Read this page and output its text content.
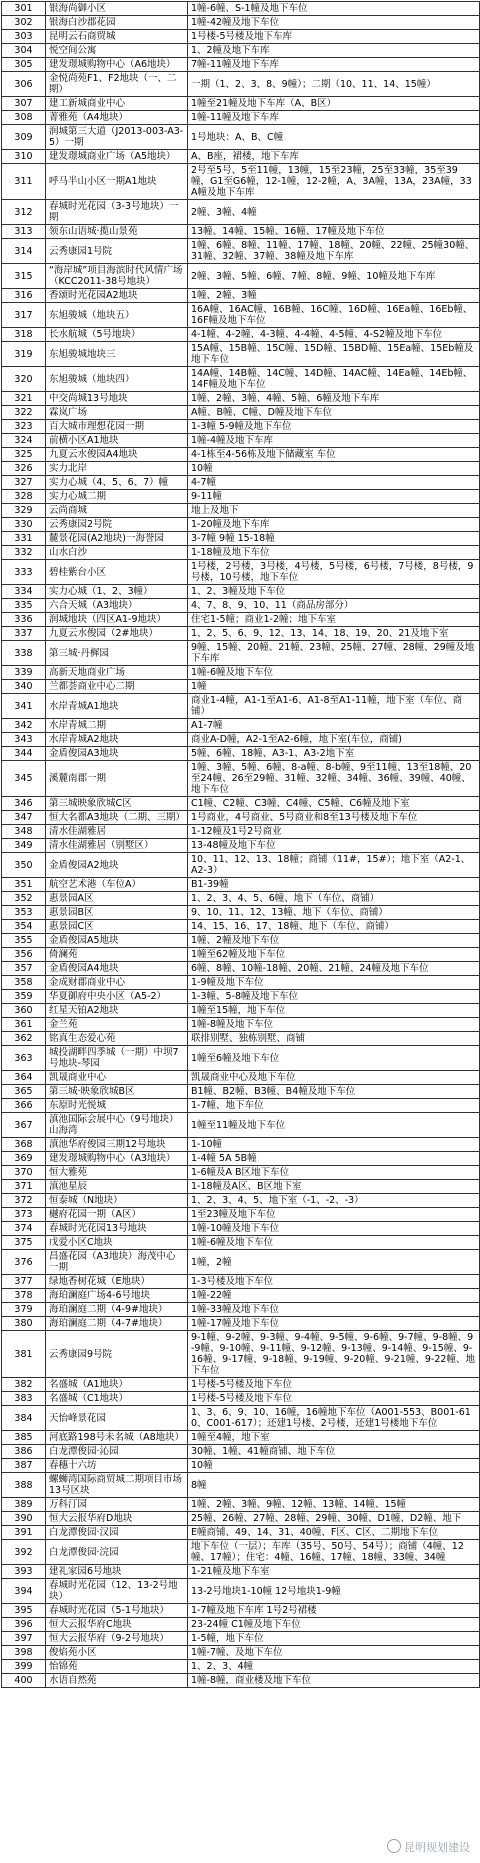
301	银海尚御小区	1幢-6幢、S-1幢及地下车位
302	银海白沙郡花园	1幢-42幢及地下车位
303	昆明云石商贸城	1号楼-5号楼及地下车库
304	悦空间公寓	1、2幢及地下车库
305	建发璟城购物中心（A6地块）	7幢-11幢及地下车库
306	金悦尚苑F1、F2地块（一、二期）	一期（1、2、3、8、9幢）；二期（10、11、14、15幢）
307	建工新城商业中心	1幢至21幢及地下车库（A、B区）
308	菁雅苑（A4地块）	1幢-11幢及地下车库
309	润城第三大道（J2013-003-A3-5）一期	1号地块：A、B、C幢
310	建发璟城商业广场（A5地块）	A、B座，裙楼，地下车库
311	呼马半山小区一期A1地块	2号至5号、5至11幢，13幢，15至23幢，25至33幢，35至39幢，G1至G6幢，12-1幢，12-2幢，A、3A幢，13A，23A幢，33A幢及地下车库
312	春城时光花园（3-3号地块）一期	2幢、3幢、4幢
313	领东山语城·揽山景苑	13幢、14幢、15幢、16幢、17幢及地下车位
314	云秀康园1号院	1幢、6幢、8幢、11幢、17幢、18幢、20幢、22幢、25幢30幢、31幢、32幢、37幢、38幢及地下车库
315	“海岸城”项目海滨时代风情广场（KCC2011-38号地块）	2幢、3幢、5幢、6幢、7幢、8幢、9幢、10幢及地下车库
316	香颂时光花园A2地块	1幢、2幢、3幢
317	东旭骏城（地块五）	16A幢、16AC幢、16B幢、16C幢、16D幢、16Ea幢、16Eb幢、16F幢及地下车位
318	长水航城（5号地块）	4-1幢、4-2幢、4-3幢、4-4幢、4-5幢、4-S2幢及地下车位
319	东旭骏城地块三	15A幢、15B幢、15C幢、15D幢、15BD幢、15Ea幢、15Eb幢及地下车位
320	东旭骏城（地块四）	14A幢、14B幢、14C幢、14D幢、14AC幢、14Ea幢、14Eb幢、14F幢及地下车位
321	中交尚城13号地块	1幢、2幢、3幢、4幢、5幢、6幢及地下车库
322	霖岚广场	A幢、B幢、C幢、D幢及地下车位
323	百大城市理想花园一期	1-3幢 5-9幢及地下车位
324	前横小区A1地块	1幢-4幢及地下车库
325	九夏云水俊园A4地块	4-1栋至4-56栋及地下储藏室 车位
326	实力北岸	10幢
327	实力心城（4、5、6、7）幢	4-7幢
328	实力心城二期	9-11幢
329	云尚商城	地上及地下
330	云秀康园2号院	1-20幢及地下车库
331	麓景花园(A2地块)一海誉园	3-7幢 9幢 15-18幢
332	山水白沙	1-18幢及地下车位
333	碧桂紫台小区	1号楼，2号楼，3号楼，4号楼，5号楼，6号楼，7号楼，8号楼，9号楼，10号楼，地下车位
334	实力心城（1、2、3幢）	1、2、3幢及地下车位
335	六合天城（A3地块）	4、7、8、9、10、11（商品房部分）
336	润城地块（四区A1-9地块）	住宅1-5幢；商业1-2幢；地下车室
337	九夏云水俊园（2#地块）	1、2、5、6、9、12、13、14、18、19、20、21及地下室
338	第三城·丹樨园	9幢、15幢、20幢、21幢、23幢、25幢、27幢、28幢、29幢及地下车库
339	高新天地商业广场	1幢-6幢及地下车位
340	兰都荟商业中心二期	1幢
341	水岸青城A1地块	商业1-4幢，A1-1至A1-6、A1-8至A1-11幢，地下室（车位、商铺）
342	水岸青城二期	A1-7幢
343	水岸青城A2地块	商业A-D幢，A2-1至A2-6幢，地下室(车位，商铺)
344	金盾俊园A3地块	5幢、6幢、18幢、A3-1、A3-2地下室
345	溪麓南郡一期	1幢、3幢、5幢、6幢、8-a幢、8-b幢、9至11幢、13至18幢、20至24幢、26至29幢、31幢、32幢、34幢、36幢、39幢、40幢、地下车位
346	第三城映象欣城C区	C1幢、C2幢、C3幢、C4幢、C5幢、C6幢及地下室
347	恒大名都A3地块（二期、三期）	1号商业，4号商业、5号商业和8至13号楼及地下车位
348	清水佳湖雅居	1-12幢及1号2号商业
349	清水佳湖雅居（别墅区）	13-48幢及地下车位
350	金盾俊园A2地块	10、11、12、13、18幢；商铺（11#，15#）；地下室（A2-1、A2-3）
351	航空艺术港（车位A）	B1-39幢
352	惠景园A区	1、2、3、4、5、6幢、地下（车位、商铺）
353	惠景园B区	9、10、11、12、13幢、地下（车位、商铺）
354	惠景园C区	14、15、16、17、18幢、地下（车位、商铺）
355	金盾俊园A5地块	1幢、2幢及地下车位
356	倚澜苑	1幢至62幢及地下车位
357	金盾俊园A4地块	6幢、8幢、10幢-18幢、20幢、21幢、24幢及地下车位
358	金成财郡商业中心	1-9幢及地下车位
359	华夏御府中央小区（A5-2）	1-3幢、5-8幢及地下车位
360	红星天铂A2地块	1幢至15幢，地下车位
361	金兰苑	1幢-8幢及地下车位
362	铭真生态爱心苑	联排别墅、独栋别墅、商铺
363	城投湖畔四季城（一期）中坝7号地块-琴园	1幢至6幢及地下车位
364	凯晟商业中心	凯晟商业中心及地下车位
365	第三城·映象欣城B区	B1幢、B2幢、B3幢、B4幢及地下车位
366	东原时光悦城	1-7幢、地下车位
367	滇池国际会展中心（9号地块）山海湾	1幢至11幢及地下车位
368	滇池华府俊园三期12号地块	1-10幢
369	建发璟城购物中心（A3地块）	1-4幢 5A 5B幢
370	恒大雅苑	1-6幢及A B区地下车位
371	滇池星辰	1-18幢及A区、B区地下室
372	恒泰城（N地块）	1、2、3、4、5、地下室（-1、-2、-3）
373	樾府花园一期（A区）	1至23幢及地下车位
374	春城时光花园13号地块	1幢-10幢及地下车位
375	戊爱小区C地块	1幢-6幢及地下车位
376	昌盛花园（A3地块）海茂中心一期	1幢，2幢
377	绿地香树花城（E地块）	1-3号楼及地下车位
378	海珀澜庭广场4-6号地块	1幢-22幢
379	海珀澜庭二期（4-9#地块）	1幢-33幢及地下车位
380	海珀澜庭二期（4-7#地块）	1幢-17幢及地下车位
381	云秀康园9号院	9-1幢、9-2幢、9-3幢、9-4幢、9-5幢、9-6幢、9-7幢、9-8幢、9-9幢、9-10幢、9-11幢、9-12幢、9-13幢、9-14幢、9-15幢、9-16幢、9-17幢、9-18幢、9-19幢、9-20幢、9-21幢、9-22幢、地下车位
382	名盛城（A1地块）	1号楼-5号楼及地下车位
383	名盛城（C1地块）	1号楼-5号楼及地下车位
384	天怡峰景花园	1、3、6、9、10、16幢，16幢地下车位（A001-553、B001-610、C001-617）；还建1号楼、2号楼，还建1号楼地下车位
385	河底路198号未名城（A8地块）	1幢至4幢，地下室
386	白龙潭俊园·沁园	30幢、1幢、41幢商铺、地下车位
387	春穗十六坊	10幢
388	螺蛳湾国际商贸城二期项目市场13号区块	8幢
389	万科汀园	1幢、2幢、3幢、9幢、12幢、13幢、14幢、15幢
390	恒大云报华府D地块	25幢、26幢、27幢、28幢、29幢、30幢、D1幢、D2幢、地下
391	白龙潭俊园·汉园	E幢商铺、49、14、31、40幢、F区、C区、二期地下车位
392	白龙潭俊园·浣园	地下车位（一层）；车库（35号、50号、54号）；商铺（4幢、12幢、17幢）；住宅：4幢、16幢、17幢、18幢、33幢、34幢
393	建礼家园6号地块	1-21幢及地下车室
394	春城时光花园（12、13-2号地块）	13-2号地块1-10幢 12号地块1-9幢
395	春城时光花园（5-1号地块）	1-7幢及地下车库 1号2号裙楼
396	恒大云报华府C地块	23-24幢 C1幢及地下车位
397	恒大云报华府（9-2号地块）	1-5幢，地下车位
398	俊焰苑小区	1幢-7幢、及地下车位
399	怡锦苑	1、2、3、4幢
400	水语自然苑	1幢-8幢，商业楼及地下车位
昆明规划建设
